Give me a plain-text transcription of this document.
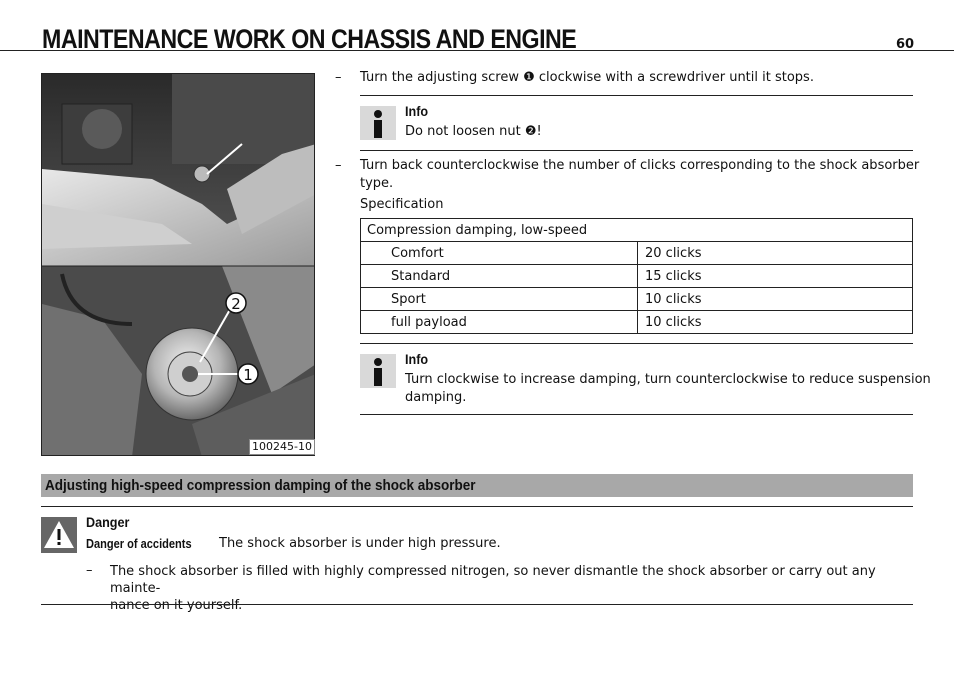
MAINTENANCE WORK ON CHASSIS AND ENGINE	60
2
1
100245-10
– Turn the adjusting screw ❶ clockwise with a screwdriver until it stops.
Info
Do not loosen nut ❷!
– Turn back counterclockwise the number of clicks corresponding to the shock absorber
type.
Specification
Compression damping, low-speed	
Comfort	20 clicks
Standard	15 clicks
Sport	10 clicks
full payload	10 clicks
Info
Turn clockwise to increase damping, turn counterclockwise to reduce suspension
damping.
Adjusting high-speed compression damping of the shock absorber
Danger
Danger of accidents The shock absorber is under high pressure.
– The shock absorber is filled with highly compressed nitrogen, so never dismantle the shock absorber or carry out any mainte-
nance on it yourself.
